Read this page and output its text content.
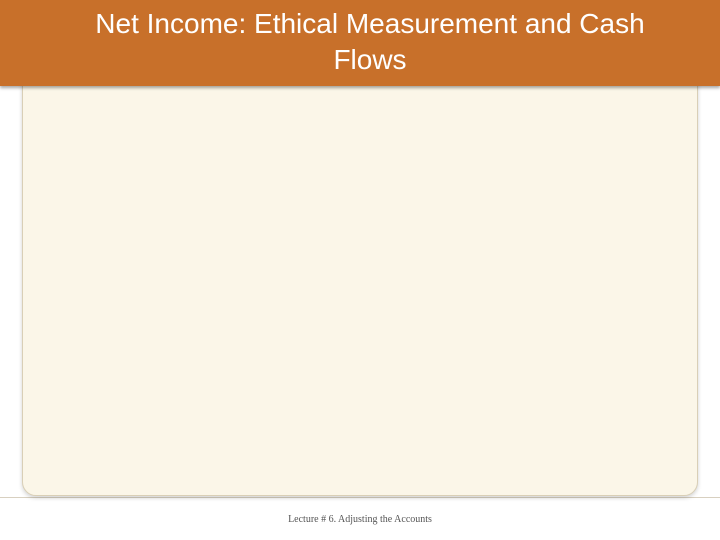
Net Income: Ethical Measurement and Cash Flows
Lecture # 6. Adjusting the Accounts
